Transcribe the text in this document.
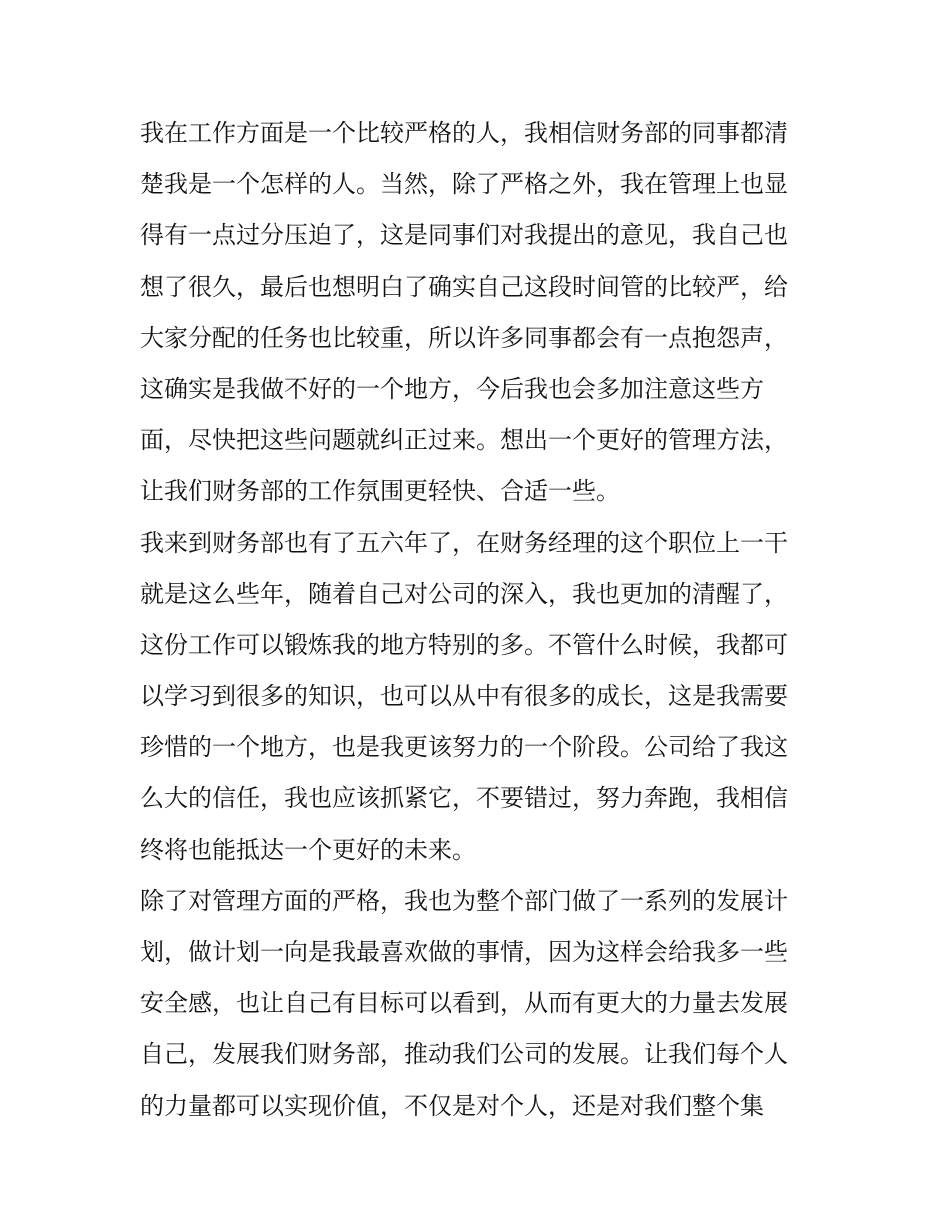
我在工作方面是一个比较严格的人，我相信财务部的同事都清
楚我是一个怎样的人。当然，除了严格之外，我在管理上也显
得有一点过分压迫了，这是同事们对我提出的意见，我自己也
想了很久，最后也想明白了确实自己这段时间管的比较严，给
大家分配的任务也比较重，所以许多同事都会有一点抱怨声，
这确实是我做不好的一个地方，今后我也会多加注意这些方
面，尽快把这些问题就纠正过来。想出一个更好的管理方法，
让我们财务部的工作氛围更轻快、合适一些。
我来到财务部也有了五六年了，在财务经理的这个职位上一干
就是这么些年，随着自己对公司的深入，我也更加的清醒了，
这份工作可以锻炼我的地方特别的多。不管什么时候，我都可
以学习到很多的知识，也可以从中有很多的成长，这是我需要
珍惜的一个地方，也是我更该努力的一个阶段。公司给了我这
么大的信任，我也应该抓紧它，不要错过，努力奔跑，我相信
终将也能抵达一个更好的未来。
除了对管理方面的严格，我也为整个部门做了一系列的发展计
划，做计划一向是我最喜欢做的事情，因为这样会给我多一些
安全感，也让自己有目标可以看到，从而有更大的力量去发展
自己，发展我们财务部，推动我们公司的发展。让我们每个人
的力量都可以实现价值，不仅是对个人，还是对我们整个集
